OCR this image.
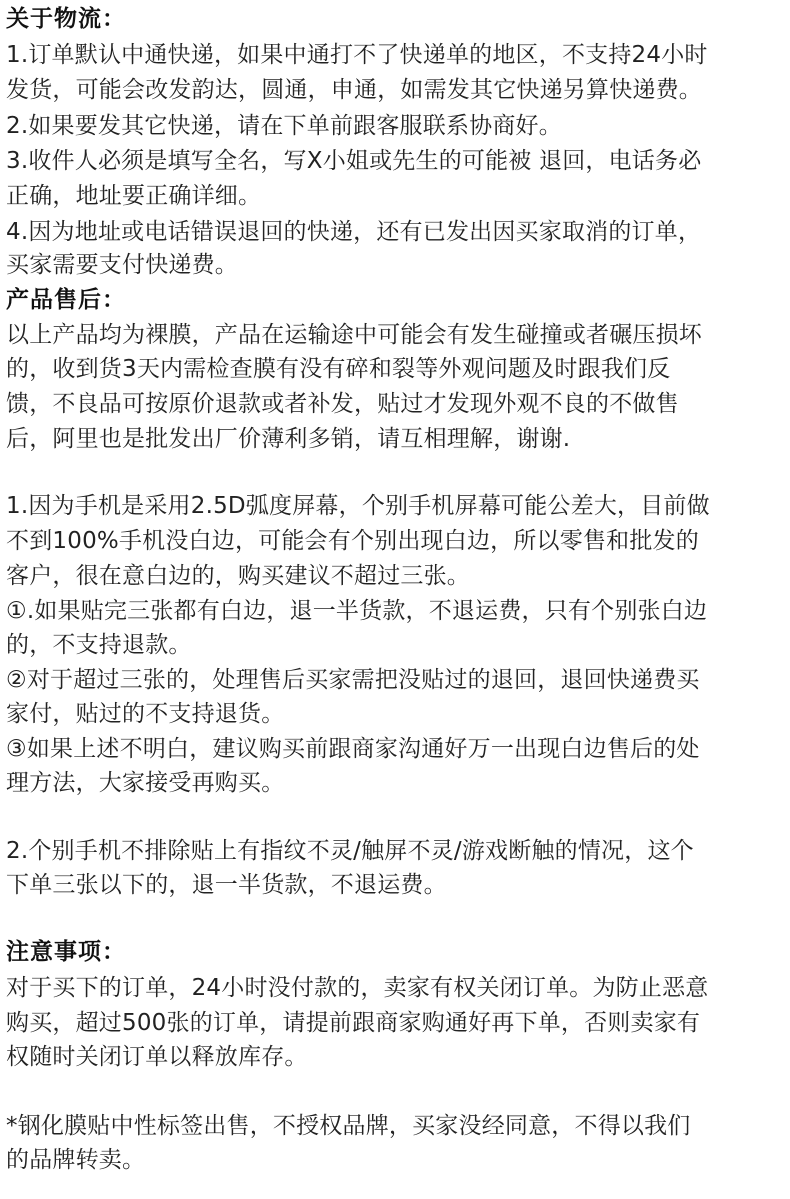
关于物流：
1.订单默认中通快递，如果中通打不了快递单的地区，不支持24小时
发货，可能会改发韵达，圆通，申通，如需发其它快递另算快递费。
2.如果要发其它快递，请在下单前跟客服联系协商好。
3.收件人必须是填写全名，写X小姐或先生的可能被 退回，电话务必
正确，地址要正确详细。
4.因为地址或电话错误退回的快递，还有已发出因买家取消的订单，
买家需要支付快递费。
产品售后：
以上产品均为裸膜，产品在运输途中可能会有发生碰撞或者碾压损坏
的，收到货3天内需检查膜有没有碎和裂等外观问题及时跟我们反
馈，不良品可按原价退款或者补发，贴过才发现外观不良的不做售
后，阿里也是批发出厂价薄利多销，请互相理解，谢谢.
1.因为手机是采用2.5D弧度屏幕，个别手机屏幕可能公差大，目前做
不到100%手机没白边，可能会有个别出现白边，所以零售和批发的
客户，很在意白边的，购买建议不超过三张。
①.如果贴完三张都有白边，退一半货款，不退运费，只有个别张白边
的，不支持退款。
②对于超过三张的，处理售后买家需把没贴过的退回，退回快递费买
家付，贴过的不支持退货。
③如果上述不明白，建议购买前跟商家沟通好万一出现白边售后的处
理方法，大家接受再购买。
2.个别手机不排除贴上有指纹不灵/触屏不灵/游戏断触的情况，这个
下单三张以下的，退一半货款，不退运费。
注意事项：
对于买下的订单，24小时没付款的，卖家有权关闭订单。为防止恶意
购买，超过500张的订单，请提前跟商家购通好再下单，否则卖家有
权随时关闭订单以释放库存。
*钢化膜贴中性标签出售，不授权品牌，买家没经同意，不得以我们
的品牌转卖。
